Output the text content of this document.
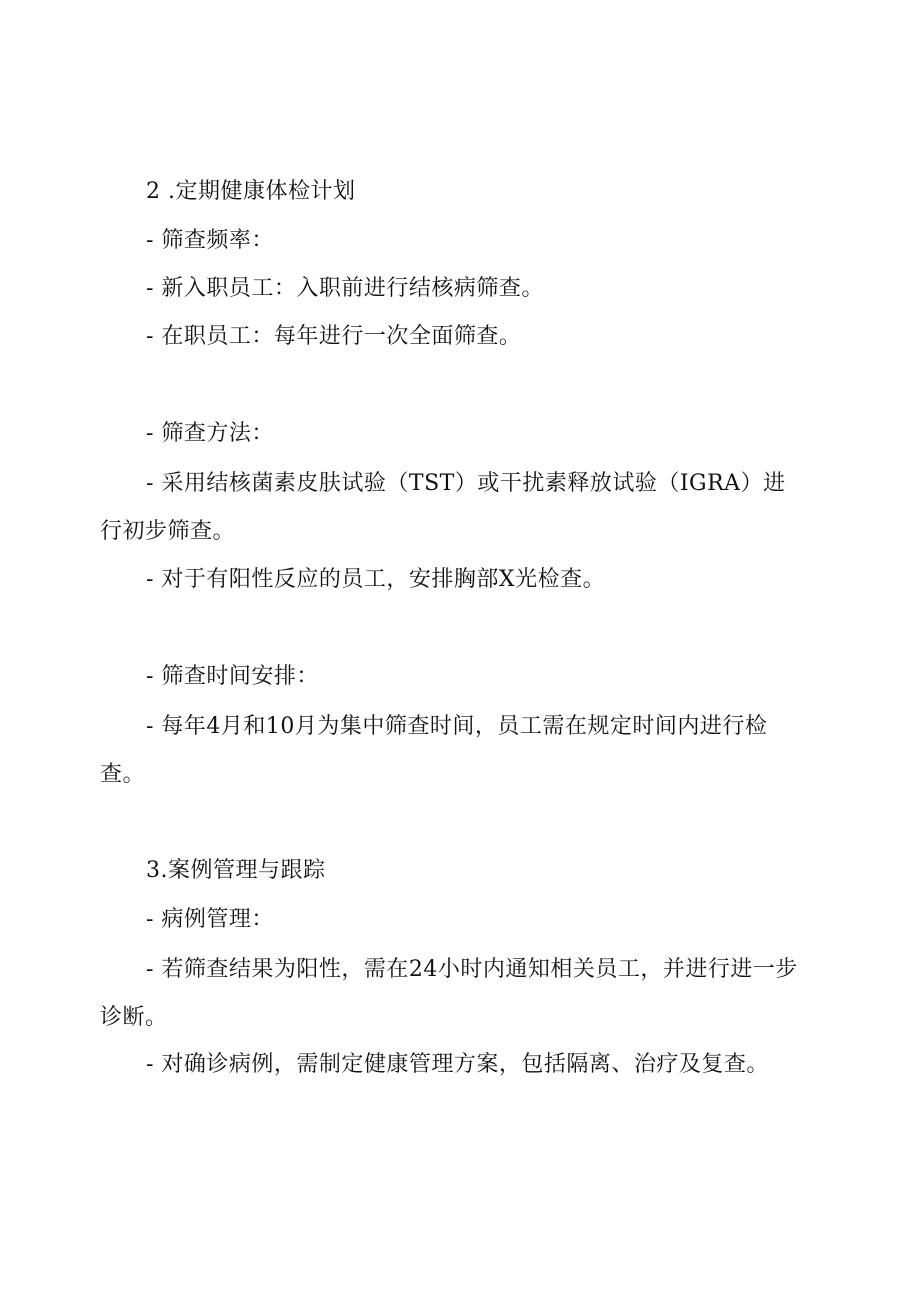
2 .定期健康体检计划
- 筛查频率：
- 新入职员工：入职前进行结核病筛查。
- 在职员工：每年进行一次全面筛查。
- 筛查方法：
- 采用结核菌素皮肤试验（TST）或干扰素释放试验（IGRA）进行初步筛查。
- 对于有阳性反应的员工，安排胸部X光检查。
- 筛查时间安排：
- 每年4月和10月为集中筛查时间，员工需在规定时间内进行检查。
3.案例管理与跟踪
- 病例管理：
- 若筛查结果为阳性，需在24小时内通知相关员工，并进行进一步诊断。
- 对确诊病例，需制定健康管理方案，包括隔离、治疗及复查。
